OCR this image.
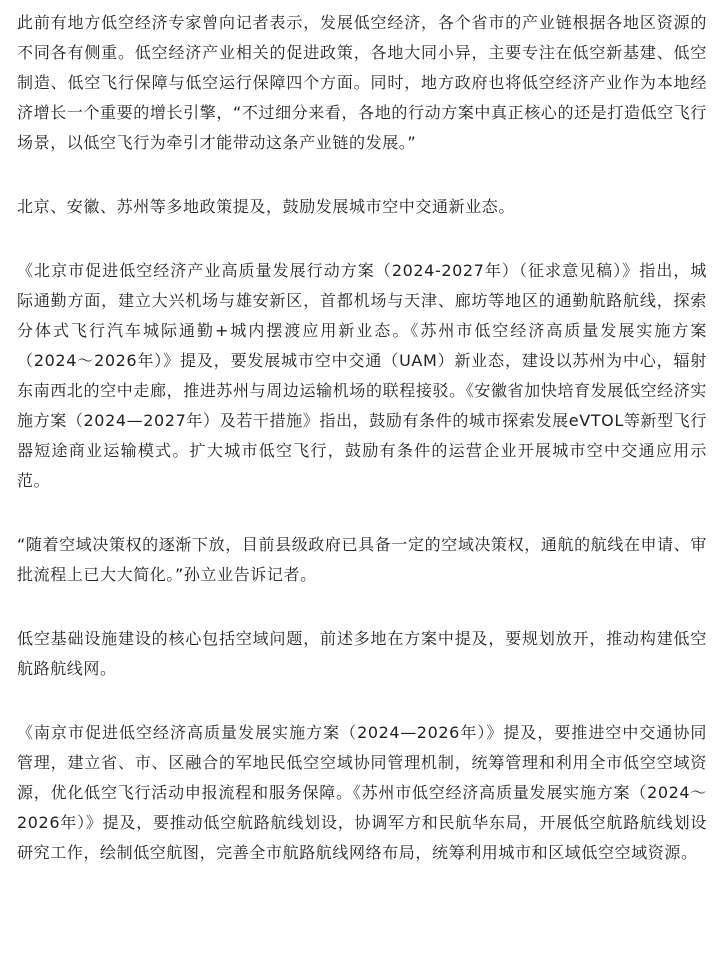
此前有地方低空经济专家曾向记者表示，发展低空经济，各个省市的产业链根据各地区资源的不同各有侧重。低空经济产业相关的促进政策，各地大同小异，主要专注在低空新基建、低空制造、低空飞行保障与低空运行保障四个方面。同时，地方政府也将低空经济产业作为本地经济增长一个重要的增长引擎，“不过细分来看，各地的行动方案中真正核心的还是打造低空飞行场景，以低空飞行为牵引才能带动这条产业链的发展。”

北京、安徽、苏州等多地政策提及，鼓励发展城市空中交通新业态。

《北京市促进低空经济产业高质量发展行动方案（2024-2027年）（征求意见稿）》指出，城际通勤方面，建立大兴机场与雄安新区，首都机场与天津、廊坊等地区的通勤航路航线，探索分体式飞行汽车城际通勤+城内摆渡应用新业态。《苏州市低空经济高质量发展实施方案（2024～2026年）》提及，要发展城市空中交通（UAM）新业态，建设以苏州为中心，辐射东南西北的空中走廊，推进苏州与周边运输机场的联程接驳。《安徽省加快培育发展低空经济实施方案（2024—2027年）及若干措施》指出，鼓励有条件的城市探索发展eVTOL等新型飞行器短途商业运输模式。扩大城市低空飞行，鼓励有条件的运营企业开展城市空中交通应用示范。

“随着空域决策权的逐渐下放，目前县级政府已具备一定的空域决策权，通航的航线在申请、审批流程上已大大简化。”孙立业告诉记者。

低空基础设施建设的核心包括空域问题，前述多地在方案中提及，要规划放开，推动构建低空航路航线网。

《南京市促进低空经济高质量发展实施方案（2024—2026年）》提及，要推进空中交通协同管理，建立省、市、区融合的军地民低空空域协同管理机制，统筹管理和利用全市低空空域资源，优化低空飞行活动申报流程和服务保障。《苏州市低空经济高质量发展实施方案（2024～2026年）》提及，要推动低空航路航线划设，协调军方和民航华东局，开展低空航路航线划设研究工作，绘制低空航图，完善全市航路航线网络布局，统筹利用城市和区域低空空域资源。
